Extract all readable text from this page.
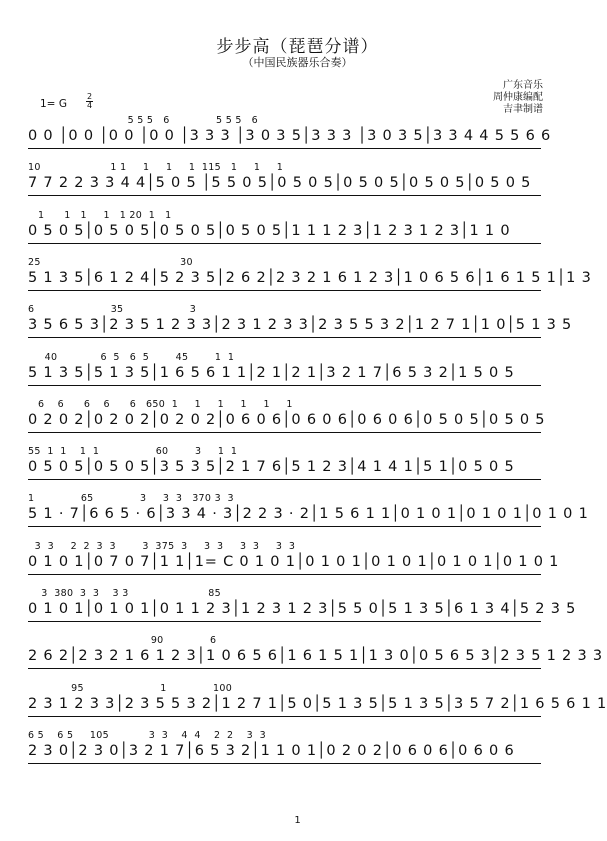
步步高（琵琶分谱）
（中国民族器乐合奏）
广东音乐
周仲康编配
吉聿制谱
1= G
2
4
5 5 5   6              5 5 5   6
0 0 │0 0 │0 0 │0 0 │3 3 3 │3 0 3 5│3 3 3 │3 0 3 5│3 3 4 4 5 5 6 6
10                     1 1     1     1     1  115   1     1     1
7 7 2 2 3 3 4 4│5 0 5 │5 5 0 5│0 5 0 5│0 5 0 5│0 5 0 5│0 5 0 5
1      1   1     1   1 20  1   1
0 5 0 5│0 5 0 5│0 5 0 5│0 5 0 5│1 1 1 2 3│1 2 3 1 2 3│1 1 0
25                                          30
5 1 3 5│6 1 2 4│5 2 3 5│2 6 2│2 3 2 1 6 1 2 3│1 0 6 5 6│1 6 1 5 1│1 3
6                       35                    3
3 5 6 5 3│2 3 5 1 2 3 3│2 3 1 2 3 3│2 3 5 5 3 2│1 2 7 1│1 0│5 1 3 5
40             6  5   6  5        45        1  1
5 1 3 5│5 1 3 5│1 6 5 6 1 1│2 1│2 1│3 2 1 7│6 5 3 2│1 5 0 5
6    6      6    6      6   650  1     1     1     1     1     1
0 2 0 2│0 2 0 2│0 2 0 2│0 6 0 6│0 6 0 6│0 6 0 6│0 5 0 5│0 5 0 5
55  1  1    1  1                 60        3     1  1
0 5 0 5│0 5 0 5│3 5 3 5│2 1 7 6│5 1 2 3│4 1 4 1│5 1│0 5 0 5
1              65              3     3  3   370 3  3
5 1 · 7│6 6 5 · 6│3 3 4 · 3│2 2 3 · 2│1 5 6 1 1│0 1 0 1│0 1 0 1│0 1 0 1
3  3     2  2  3  3        3  375  3     3  3     3  3     3  3
0 1 0 1│0 7 0 7│1 1│1= C 0 1 0 1│0 1 0 1│0 1 0 1│0 1 0 1│0 1 0 1
3  380  3  3    3 3                        85
0 1 0 1│0 1 0 1│0 1 1 2 3│1 2 3 1 2 3│5 5 0│5 1 3 5│6 1 3 4│5 2 3 5
90              6
2 6 2│2 3 2 1 6 1 2 3│1 0 6 5 6│1 6 1 5 1│1 3 0│0 5 6 5 3│2 3 5 1 2 3 3
95                       1              100
2 3 1 2 3 3│2 3 5 5 3 2│1 2 7 1│5 0│5 1 3 5│5 1 3 5│3 5 7 2│1 6 5 6 1 1
6 5    6 5     105            3  3    4  4    2  2    3  3
2 3 0│2 3 0│3 2 1 7│6 5 3 2│1 1 0 1│0 2 0 2│0 6 0 6│0 6 0 6
1
